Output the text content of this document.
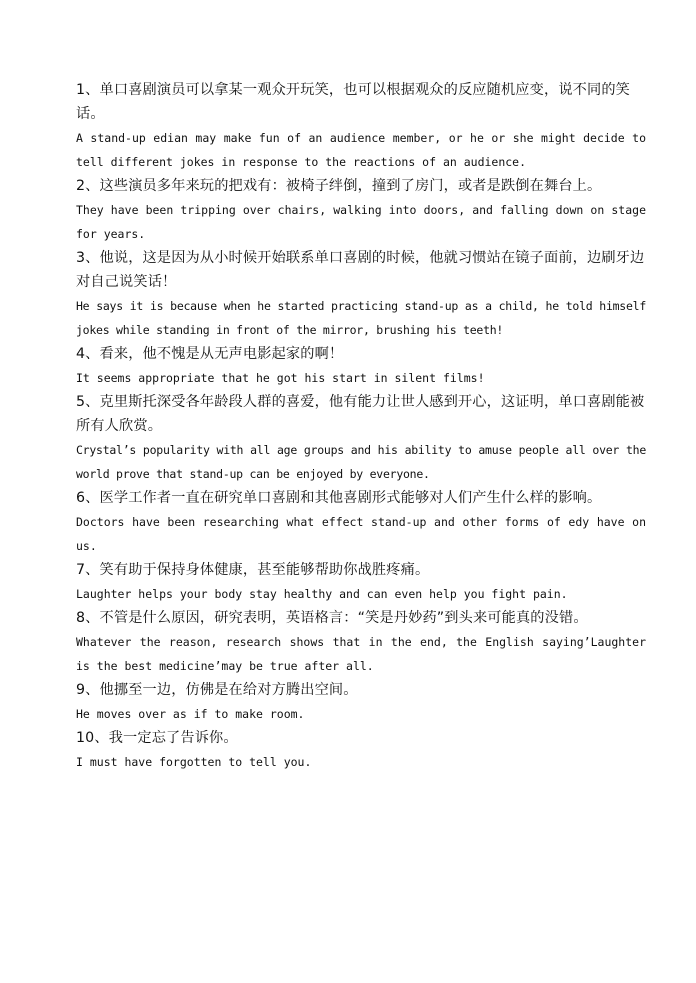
1、单口喜剧演员可以拿某一观众开玩笑，也可以根据观众的反应随机应变，说不同的笑话。

A stand-up edian may make fun of an audience member, or he or she might decide to tell different jokes in response to the reactions of an audience.

2、这些演员多年来玩的把戏有：被椅子绊倒，撞到了房门，或者是跌倒在舞台上。

They have been tripping over chairs, walking into doors, and falling down on stage for years.

3、他说，这是因为从小时候开始联系单口喜剧的时候，他就习惯站在镜子面前，边刷牙边对自己说笑话！

He says it is because when he started practicing stand-up as a child, he told himself jokes while standing in front of the mirror, brushing his teeth!

4、看来，他不愧是从无声电影起家的啊！

It seems appropriate that he got his start in silent films!

5、克里斯托深受各年龄段人群的喜爱，他有能力让世人感到开心，这证明，单口喜剧能被所有人欣赏。

Crystal’s popularity with all age groups and his ability to amuse people all over the world prove that stand-up can be enjoyed by everyone.

6、医学工作者一直在研究单口喜剧和其他喜剧形式能够对人们产生什么样的影响。

Doctors have been researching what effect stand-up and other forms of edy have on us.

7、笑有助于保持身体健康，甚至能够帮助你战胜疼痛。

Laughter helps your body stay healthy and can even help you fight pain.

8、不管是什么原因，研究表明，英语格言：“笑是丹妙药”到头来可能真的没错。

Whatever the reason, research shows that in the end, the English saying’Laughter is the best medicine’may be true after all.

9、他挪至一边，仿佛是在给对方腾出空间。

He moves over as if to make room.

10、我一定忘了告诉你。

I must have forgotten to tell you.
